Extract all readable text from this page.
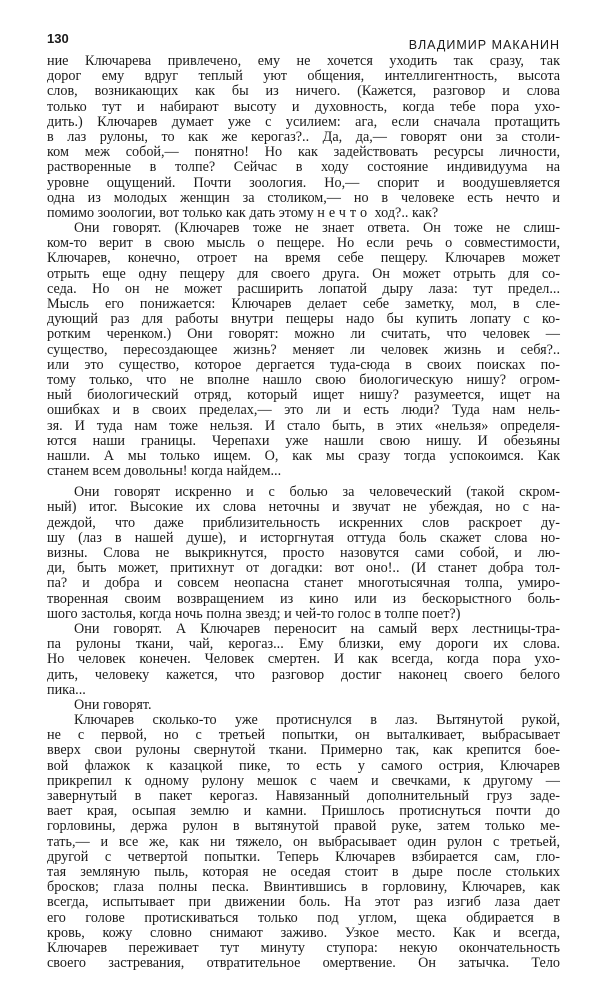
130	ВЛАДИМИР МАКАНИН
ние Ключарева привлечено, ему не хочется уходить так сразу, так
дорог ему вдруг теплый уют общения, интеллигентность, высота
слов, возникающих как бы из ничего. (Кажется, разговор и слова
только тут и набирают высоту и духовность, когда тебе пора ухо-
дить.) Ключарев думает уже с усилием: ага, если сначала протащить
в лаз рулоны, то как же керогаз?.. Да, да,— говорят они за столи-
ком меж собой,— понятно! Но как задействовать ресурсы личности,
растворенные в толпе? Сейчас в ходу состояние индивидуума на
уровне ощущений. Почти зоология. Но,— спорит и воодушевляется
одна из молодых женщин за столиком,— но в человеке есть нечто и
помимо зоологии, вот только как дать этому нечто ход?.. как?
Они говорят. (Ключарев тоже не знает ответа. Он тоже не слиш-
ком-то верит в свою мысль о пещере. Но если речь о совместимости,
Ключарев, конечно, отроет на время себе пещеру. Ключарев может
отрыть еще одну пещеру для своего друга. Он может отрыть для со-
седа. Но он не может расширить лопатой дыру лаза: тут предел...
Мысль его понижается: Ключарев делает себе заметку, мол, в сле-
дующий раз для работы внутри пещеры надо бы купить лопату с ко-
ротким черенком.) Они говорят: можно ли считать, что человек —
существо, пересоздающее жизнь? меняет ли человек жизнь и себя?..
или это существо, которое дергается туда-сюда в своих поисках по-
тому только, что не вполне нашло свою биологическую нишу? огром-
ный биологический отряд, который ищет нишу? разумеется, ищет на
ошибках и в своих пределах,— это ли и есть люди? Туда нам нель-
зя. И туда нам тоже нельзя. И стало быть, в этих «нельзя» определя-
ются наши границы. Черепахи уже нашли свою нишу. И обезьяны
нашли. А мы только ищем. О, как мы сразу тогда успокоимся. Как
станем всем довольны! когда найдем...
Они говорят искренно и с болью за человеческий (такой скром-
ный) итог. Высокие их слова неточны и звучат не убеждая, но с на-
деждой, что даже приблизительность искренних слов раскроет ду-
шу (лаз в нашей душе), и исторгнутая оттуда боль скажет слова но-
визны. Слова не выкрикнутся, просто назовутся сами собой, и лю-
ди, быть может, притихнут от догадки: вот оно!.. (И станет добра тол-
па? и добра и совсем неопасна станет многотысячная толпа, умиро-
творенная своим возвращением из кино или из бескорыстного боль-
шого застолья, когда ночь полна звезд; и чей-то голос в толпе поет?)
Они говорят. А Ключарев переносит на самый верх лестницы-тра-
па рулоны ткани, чай, керогаз... Ему близки, ему дороги их слова.
Но человек конечен. Человек смертен. И как всегда, когда пора ухо-
дить, человеку кажется, что разговор достиг наконец своего белого
пика...
Они говорят.
Ключарев сколько-то уже протиснулся в лаз. Вытянутой рукой,
не с первой, но с третьей попытки, он выталкивает, выбрасывает
вверх свои рулоны свернутой ткани. Примерно так, как крепится бое-
вой флажок к казацкой пике, то есть у самого острия, Ключарев
прикрепил к одному рулону мешок с чаем и свечками, к другому —
завернутый в пакет керогаз. Навязанный дополнительный груз заде-
вает края, осыпая землю и камни. Пришлось протиснуться почти до
горловины, держа рулон в вытянутой правой руке, затем только ме-
тать,— и все же, как ни тяжело, он выбрасывает один рулон с третьей,
другой с четвертой попытки. Теперь Ключарев взбирается сам, гло-
тая земляную пыль, которая не оседая стоит в дыре после стольких
бросков; глаза полны песка. Ввинтившись в горловину, Ключарев, как
всегда, испытывает при движении боль. На этот раз изгиб лаза дает
его голове протискиваться только под углом, щека обдирается в
кровь, кожу словно снимают заживо. Узкое место. Как и всегда,
Ключарев переживает тут минуту ступора: некую окончательность
своего застревания, отвратительное омертвение. Он затычка. Тело
